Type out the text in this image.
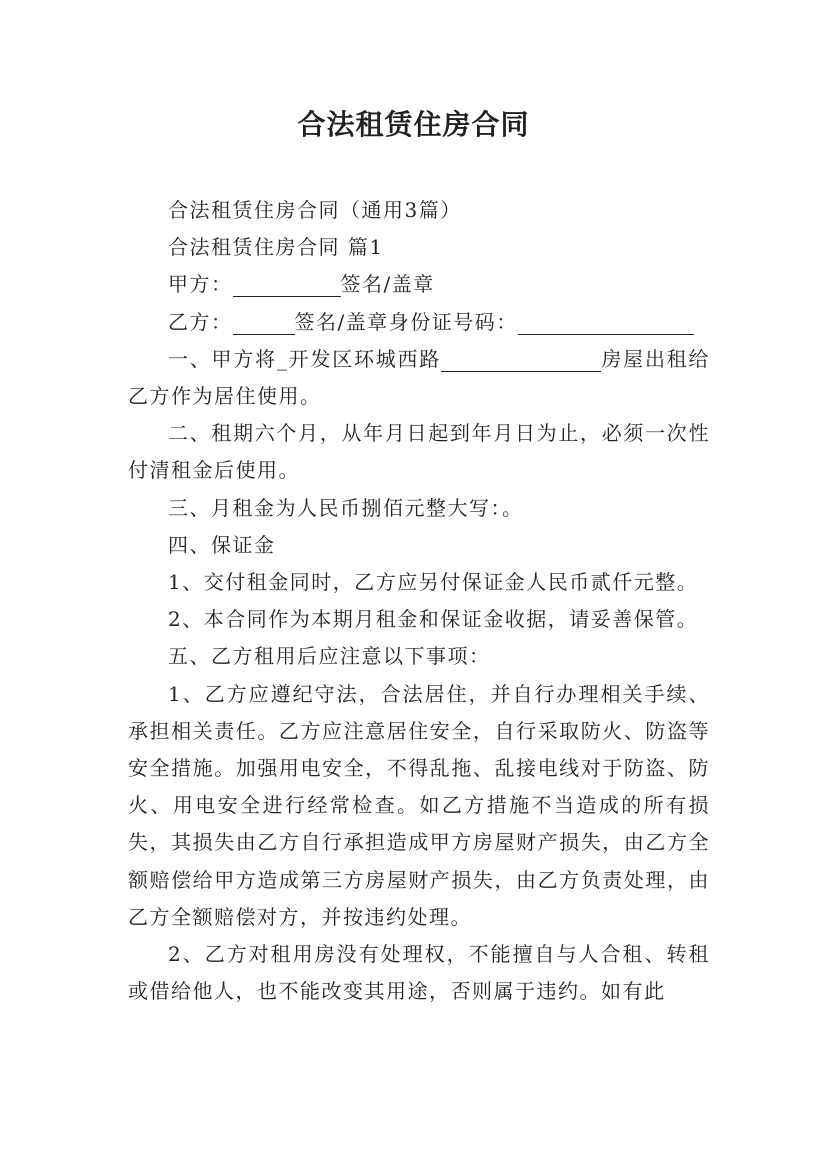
合法租赁住房合同

合法租赁住房合同（通用3篇）

合法租赁住房合同 篇1

甲方：	签名/盖章

乙方：	签名/盖章身份证号码：

一、甲方将_开发区环城西路	房屋出租给乙方作为居住使用。

二、租期六个月，从年月日起到年月日为止，必须一次性付清租金后使用。

三、月租金为人民币捌佰元整大写：。

四、保证金

1、交付租金同时，乙方应另付保证金人民币贰仟元整。

2、本合同作为本期月租金和保证金收据，请妥善保管。

五、乙方租用后应注意以下事项：

1、乙方应遵纪守法，合法居住，并自行办理相关手续、承担相关责任。乙方应注意居住安全，自行采取防火、防盗等安全措施。加强用电安全，不得乱拖、乱接电线对于防盗、防火、用电安全进行经常检查。如乙方措施不当造成的所有损失，其损失由乙方自行承担造成甲方房屋财产损失，由乙方全额赔偿给甲方造成第三方房屋财产损失，由乙方负责处理，由乙方全额赔偿对方，并按违约处理。

2、乙方对租用房没有处理权，不能擅自与人合租、转租或借给他人，也不能改变其用途，否则属于违约。如有此
